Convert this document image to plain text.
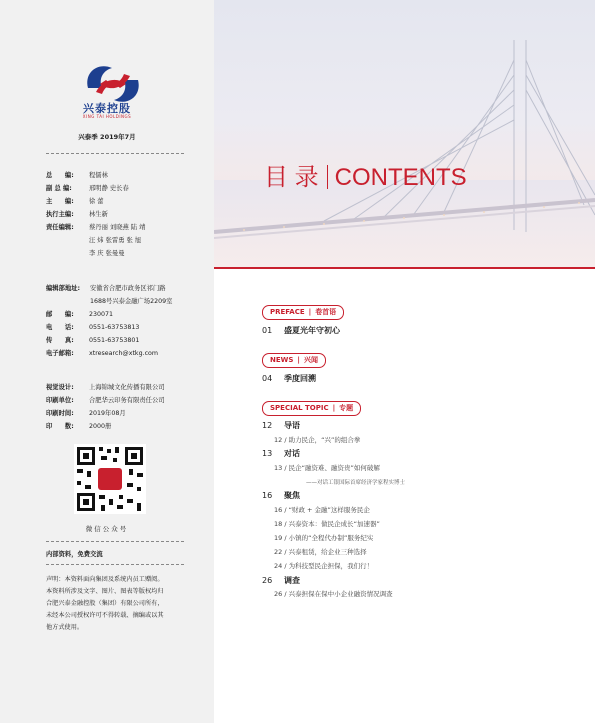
兴泰控股
XING TAI HOLDINGS
兴泰季 2019年7月
总　　编:	程儒林
副 总 编:	邢明静 史长春
主　　编:	徐 蕾
执行主编:	林生新
责任编辑:	蔡丹丽 刘晓燕 陆 靖
汪 炜 张雷勇 张 旭
李 庆 张曼曼
编辑部地址:	安徽省合肥市政务区祁门路
1688号兴泰金融广场2209室
邮　　编:	230071
电　　话:	0551-63753813
传　　真:	0551-63753801
电子邮箱:	xtresearch@xtkg.com
视觉设计:	上海锦城文化传播有限公司
印刷单位:	合肥华云印务有限责任公司
印刷时间:	2019年08月
印　　数:	2000册
微信公众号
内部资料，免费交流
声明：本资料面向集团及系统内员工赠阅。
本资料所涉及文字、图片、图表等版权均归
合肥兴泰金融控股（集团）有限公司所有，
未经本公司授权许可不得转载、摘编或以其
他方式使用。
目 录 CONTENTS
PREFACE | 卷首语
01 盛夏光年守初心
NEWS | 兴闻
04 季度回溯
SPECIAL TOPIC | 专题
12 导语
12 / 助力民企，“兴”的组合拳
13 对话
13 / 民企“融资难、融资贵”如何破解
——对话工银国际首席经济学家程实博士
16 聚焦
16 / “财政 + 金融”这样服务民企
18 / 兴泰资本：做民企成长“加速器”
19 / 小镇的“全程代办制”服务纪实
22 / 兴泰租赁，给企业三种选择
24 / 为科技型民企担保，我们行！
26 调查
26 / 兴泰担保在保中小企业融资情况调查
